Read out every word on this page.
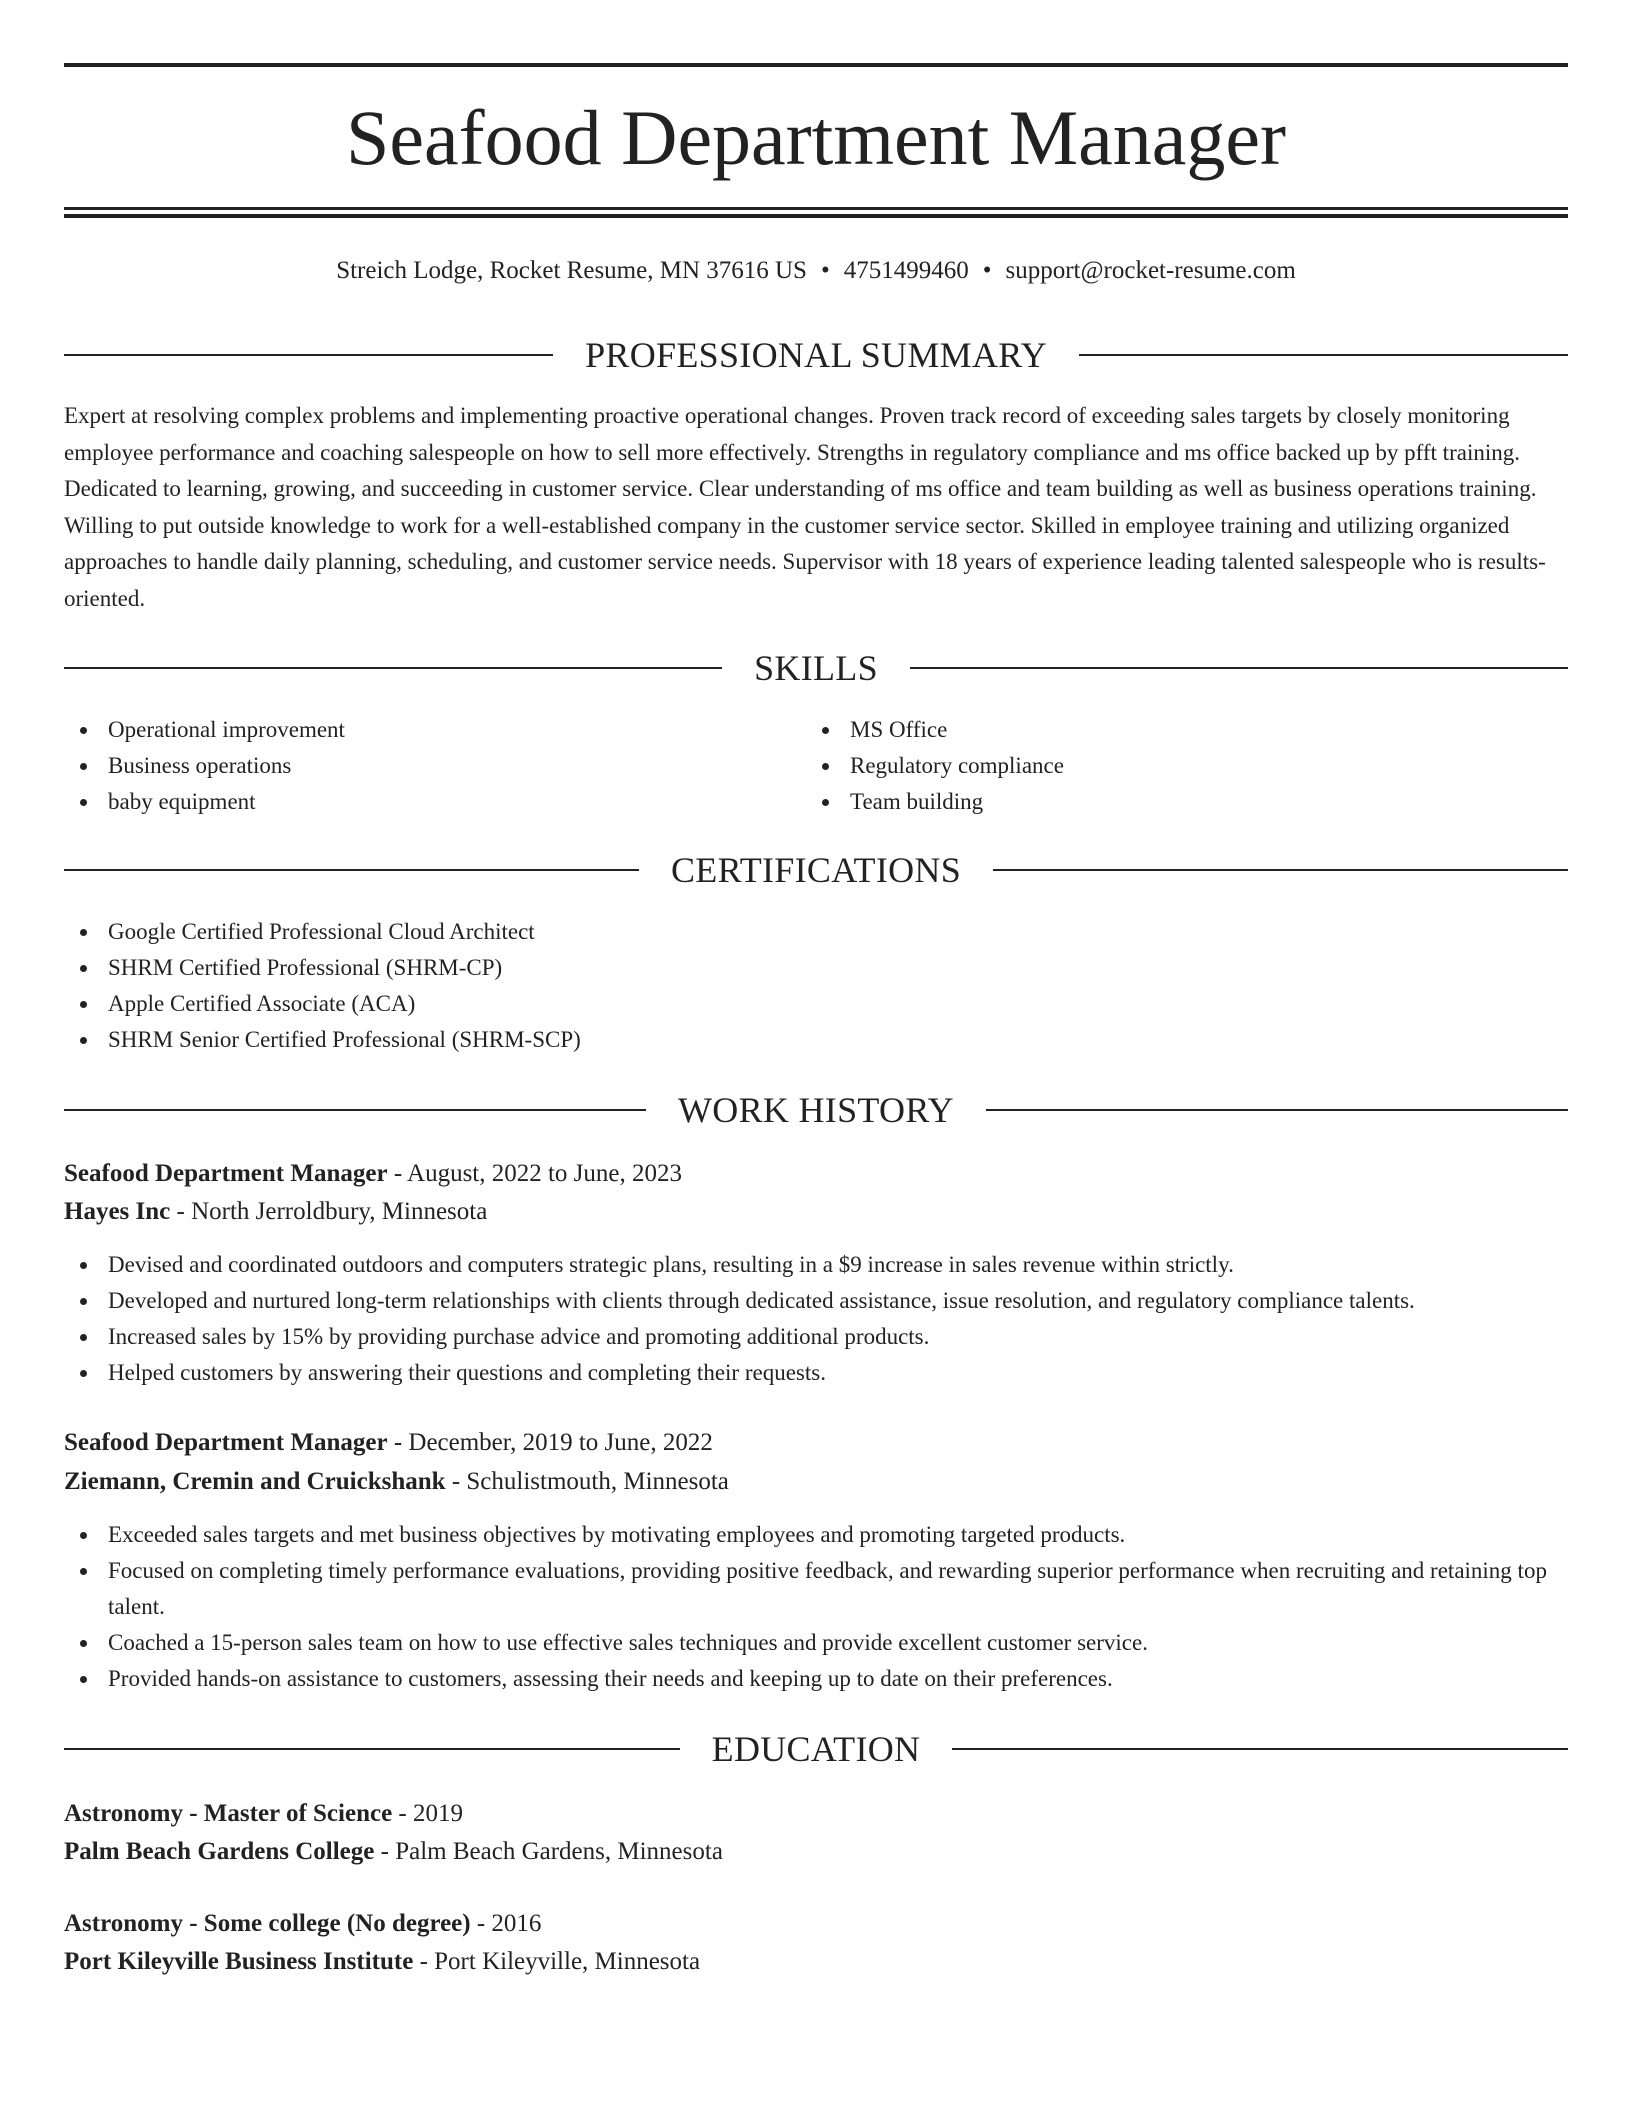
Seafood Department Manager
Streich Lodge, Rocket Resume, MN 37616 US • 4751499460 • support@rocket-resume.com
PROFESSIONAL SUMMARY

Expert at resolving complex problems and implementing proactive operational changes. Proven track record of exceeding sales targets by closely monitoring employee performance and coaching salespeople on how to sell more effectively. Strengths in regulatory compliance and ms office backed up by pfft training. Dedicated to learning, growing, and succeeding in customer service. Clear understanding of ms office and team building as well as business operations training. Willing to put outside knowledge to work for a well-established company in the customer service sector. Skilled in employee training and utilizing organized approaches to handle daily planning, scheduling, and customer service needs. Supervisor with 18 years of experience leading talented salespeople who is results-oriented.

SKILLS
Operational improvement
Business operations
baby equipment
MS Office
Regulatory compliance
Team building
CERTIFICATIONS
Google Certified Professional Cloud Architect
SHRM Certified Professional (SHRM-CP)
Apple Certified Associate (ACA)
SHRM Senior Certified Professional (SHRM-SCP)
WORK HISTORY
Seafood Department Manager - August, 2022 to June, 2023
Hayes Inc - North Jerroldbury, Minnesota
Devised and coordinated outdoors and computers strategic plans, resulting in a $9 increase in sales revenue within strictly.
Developed and nurtured long-term relationships with clients through dedicated assistance, issue resolution, and regulatory compliance talents.
Increased sales by 15% by providing purchase advice and promoting additional products.
Helped customers by answering their questions and completing their requests.
Seafood Department Manager - December, 2019 to June, 2022
Ziemann, Cremin and Cruickshank - Schulistmouth, Minnesota
Exceeded sales targets and met business objectives by motivating employees and promoting targeted products.
Focused on completing timely performance evaluations, providing positive feedback, and rewarding superior performance when recruiting and retaining top talent.
Coached a 15-person sales team on how to use effective sales techniques and provide excellent customer service.
Provided hands-on assistance to customers, assessing their needs and keeping up to date on their preferences.
EDUCATION
Astronomy - Master of Science - 2019
Palm Beach Gardens College - Palm Beach Gardens, Minnesota
Astronomy - Some college (No degree) - 2016
Port Kileyville Business Institute - Port Kileyville, Minnesota
